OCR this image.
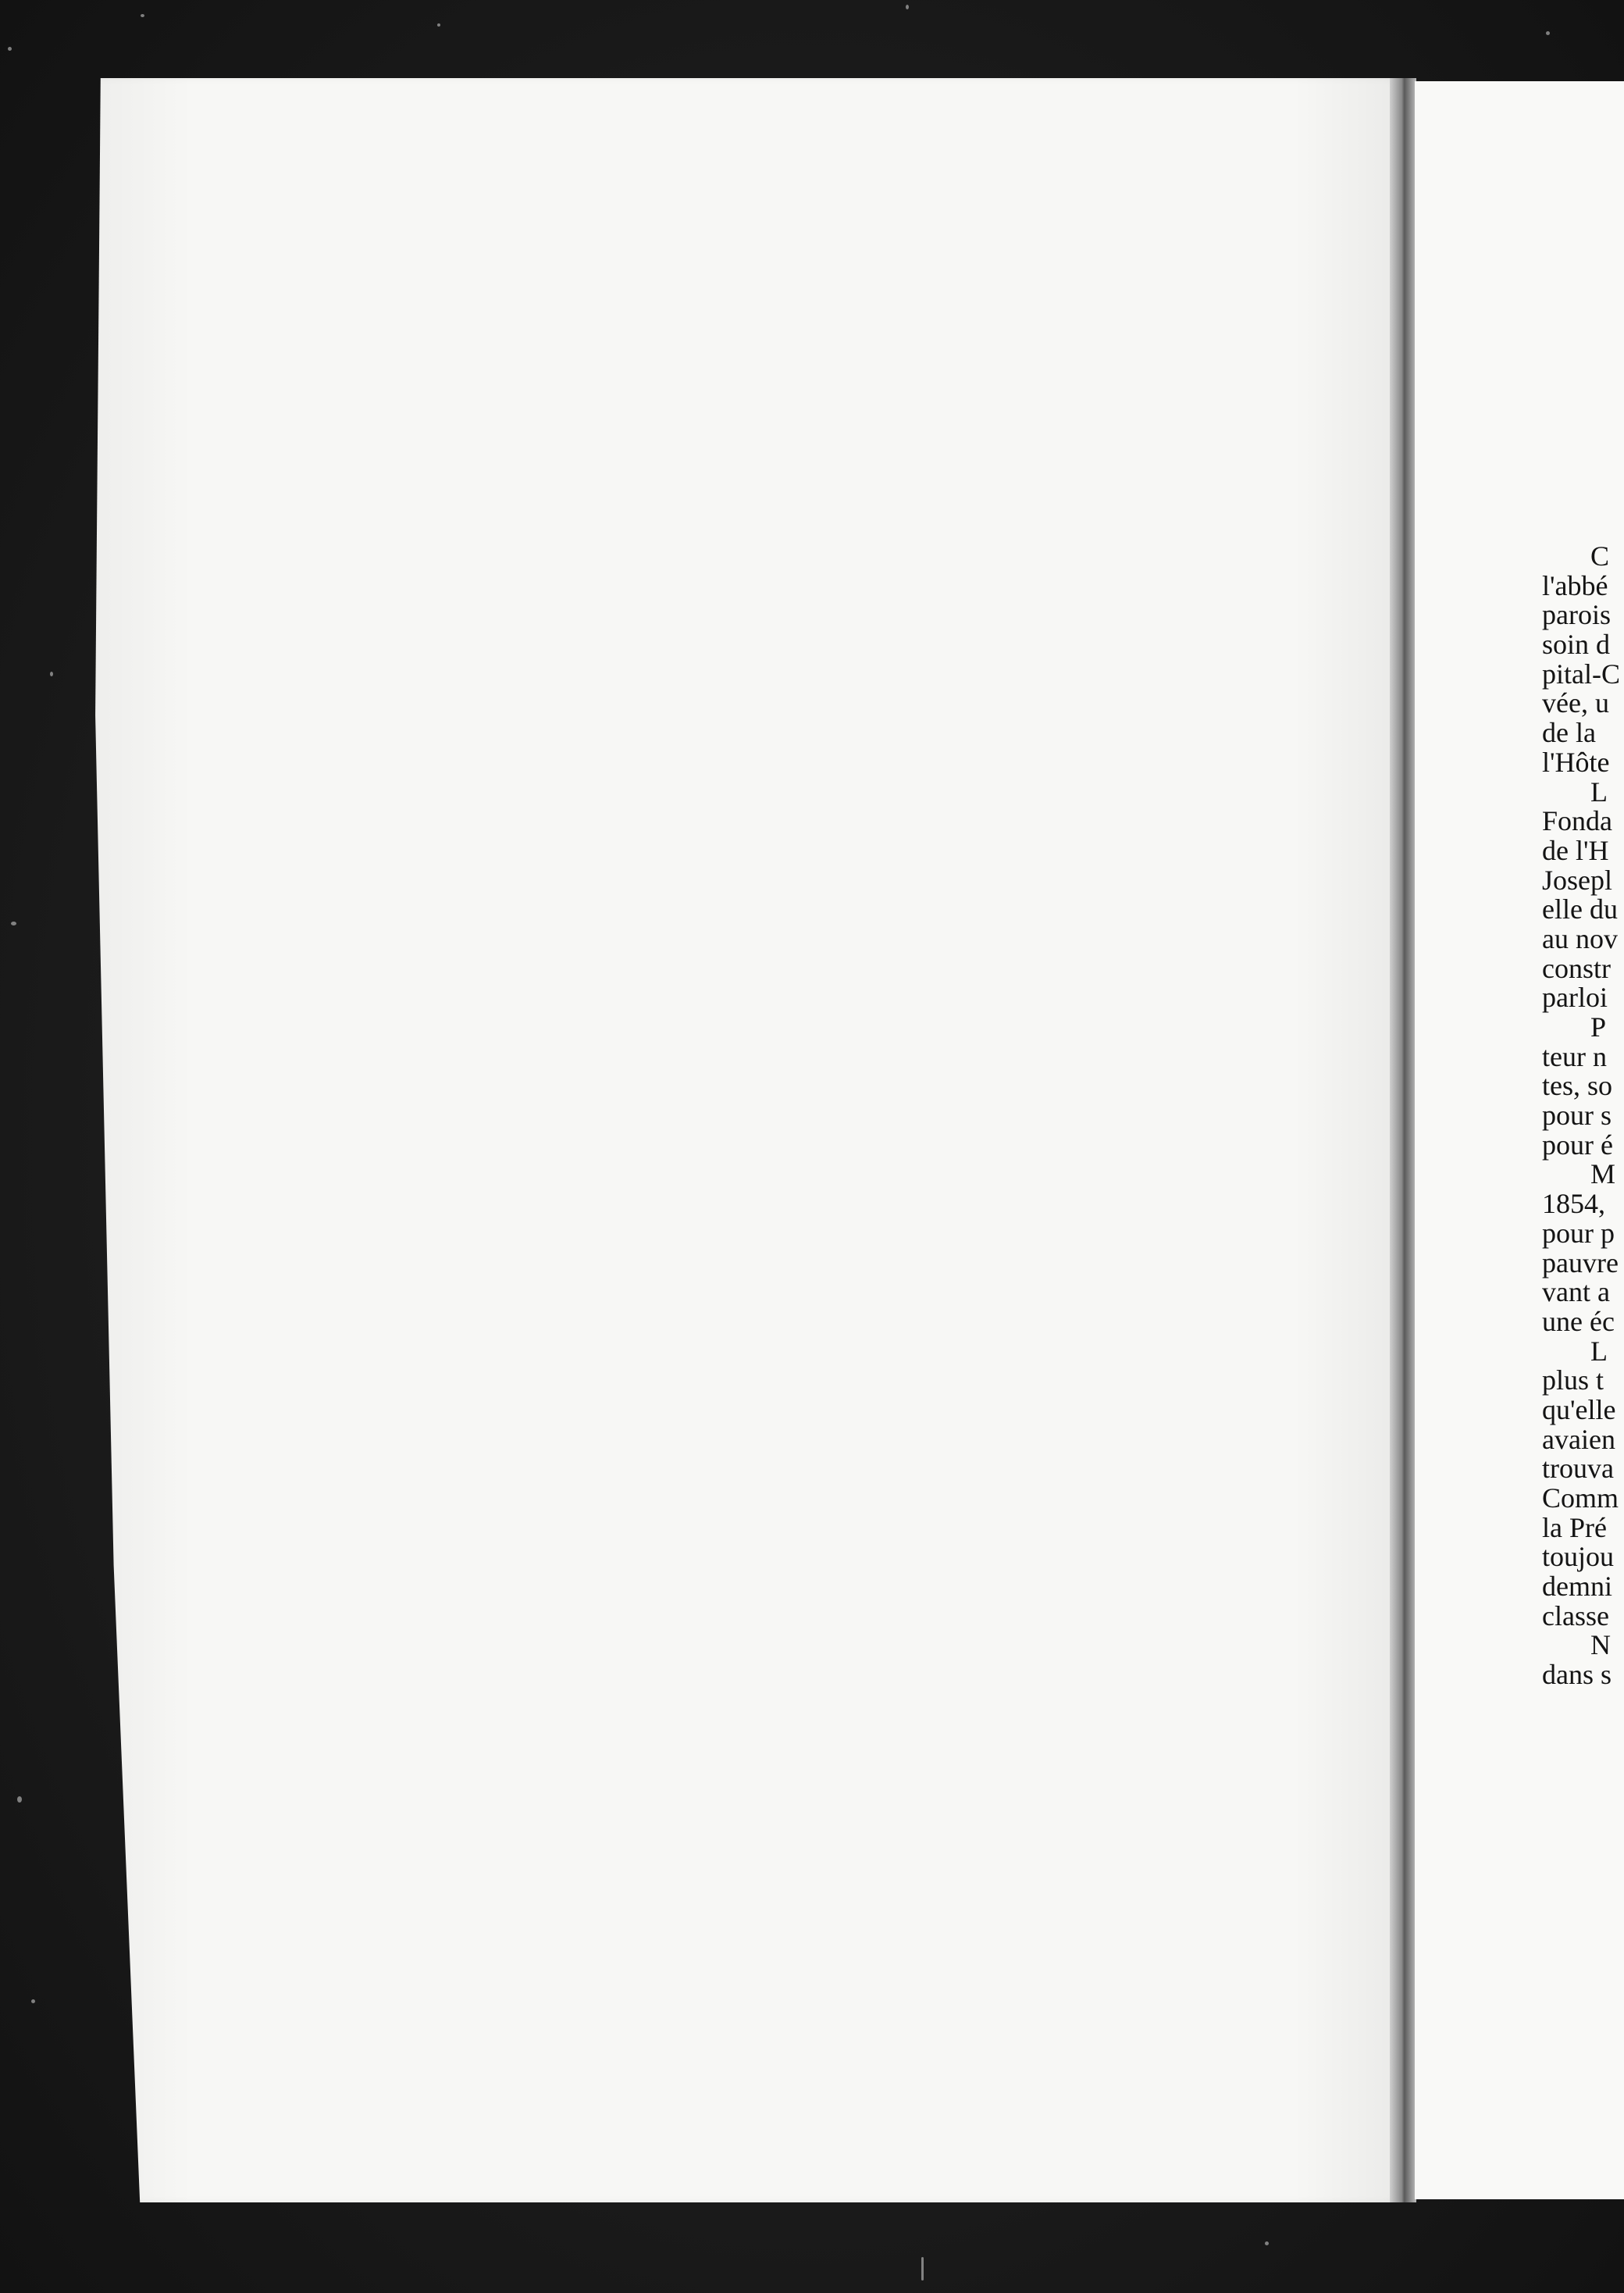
C
l'abbé
parois
soin d
pital-C
vée, u
de la
l'Hôte
L
Fonda
de l'H
Josepl
elle du
au nov
constr
parloi
P
teur n
tes, so
pour s
pour é
M
1854,
pour p
pauvre
vant a
une éc
L
plus t
qu'elle
avaien
trouva
Comm
la Pré
toujou
demni
classe
N
dans s
